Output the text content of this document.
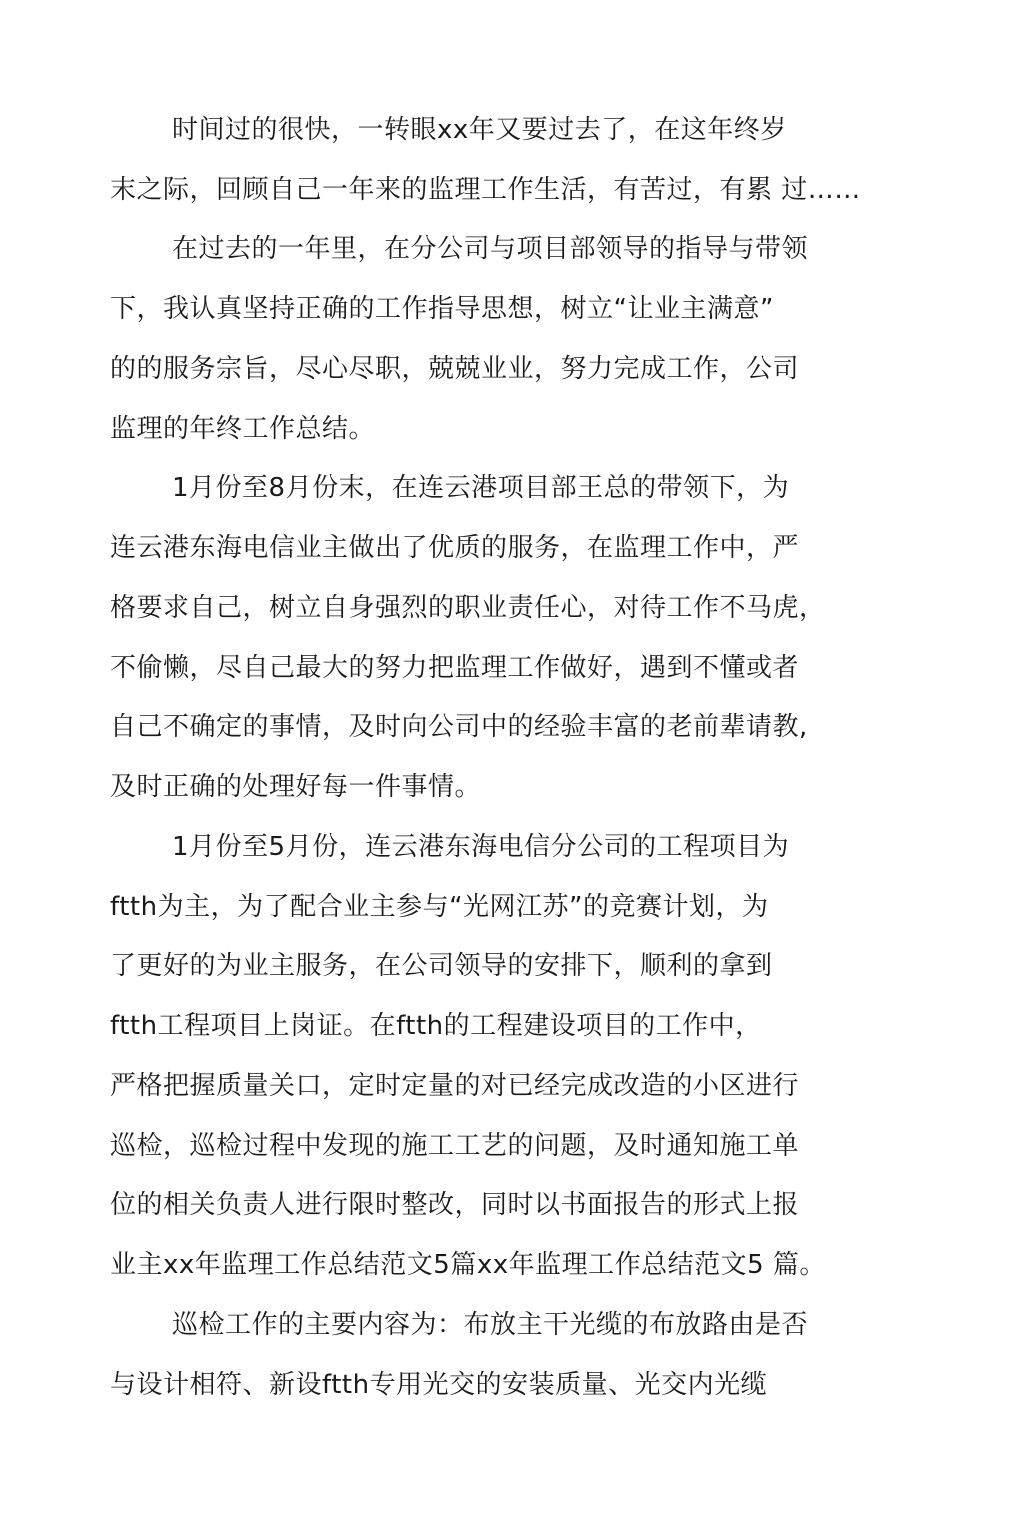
时间过的很快，一转眼xx年又要过去了，在这年终岁
末之际，回顾自己一年来的监理工作生活，有苦过，有累 过……
在过去的一年里，在分公司与项目部领导的指导与带领
下，我认真坚持正确的工作指导思想，树立“让业主满意”
的的服务宗旨，尽心尽职，兢兢业业，努力完成工作，公司
监理的年终工作总结。
1月份至8月份末，在连云港项目部王总的带领下，为
连云港东海电信业主做出了优质的服务，在监理工作中，严
格要求自己，树立自身强烈的职业责任心，对待工作不马虎，
不偷懒，尽自己最大的努力把监理工作做好，遇到不懂或者
自己不确定的事情，及时向公司中的经验丰富的老前辈请教,
及时正确的处理好每一件事情。
1月份至5月份，连云港东海电信分公司的工程项目为
ftth为主，为了配合业主参与“光网江苏”的竞赛计划，为
了更好的为业主服务，在公司领导的安排下，顺利的拿到
ftth工程项目上岗证。在ftth的工程建设项目的工作中，
严格把握质量关口，定时定量的对已经完成改造的小区进行
巡检，巡检过程中发现的施工工艺的问题，及时通知施工单
位的相关负责人进行限时整改，同时以书面报告的形式上报
业主xx年监理工作总结范文5篇xx年监理工作总结范文5 篇。
巡检工作的主要内容为：布放主干光缆的布放路由是否
与设计相符、新设ftth专用光交的安装质量、光交内光缆
